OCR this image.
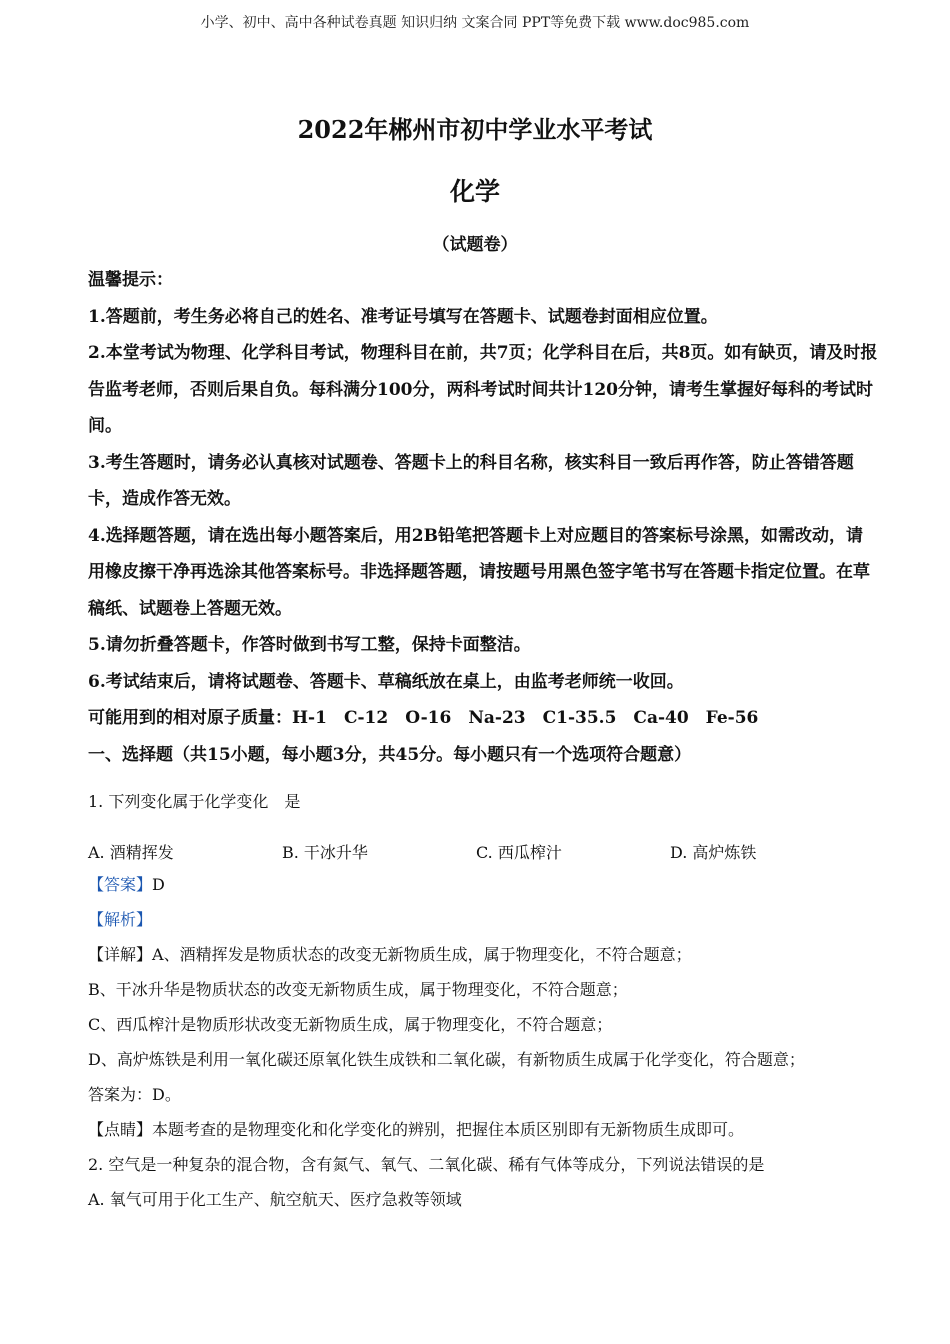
小学、初中、高中各种试卷真题 知识归纳 文案合同 PPT等免费下载 www.doc985.com
2022年郴州市初中学业水平考试
化学
（试题卷）

温馨提示：

1.答题前，考生务必将自己的姓名、准考证号填写在答题卡、试题卷封面相应位置。

2.本堂考试为物理、化学科目考试，物理科目在前，共7页；化学科目在后，共8页。如有缺页，请及时报告监考老师，否则后果自负。每科满分100分，两科考试时间共计120分钟，请考生掌握好每科的考试时间。

3.考生答题时，请务必认真核对试题卷、答题卡上的科目名称，核实科目一致后再作答，防止答错答题卡，造成作答无效。

4.选择题答题，请在选出每小题答案后，用2B铅笔把答题卡上对应题目的答案标号涂黑，如需改动，请用橡皮擦干净再选涂其他答案标号。非选择题答题，请按题号用黑色签字笔书写在答题卡指定位置。在草稿纸、试题卷上答题无效。

5.请勿折叠答题卡，作答时做到书写工整，保持卡面整洁。

6.考试结束后，请将试题卷、答题卡、草稿纸放在桌上，由监考老师统一收回。

可能用到的相对原子质量：H-1　C-12　O-16　Na-23　C1-35.5　Ca-40　Fe-56

一、选择题（共15小题，每小题3分，共45分。每小题只有一个选项符合题意）

1. 下列变化属于化学变化　是
A. 酒精挥发	B. 干冰升华	C. 西瓜榨汁	D. 高炉炼铁
【答案】D
【解析】
【详解】A、酒精挥发是物质状态的改变无新物质生成，属于物理变化，不符合题意；
B、干冰升华是物质状态的改变无新物质生成，属于物理变化，不符合题意；
C、西瓜榨汁是物质形状改变无新物质生成，属于物理变化，不符合题意；
D、高炉炼铁是利用一氧化碳还原氧化铁生成铁和二氧化碳，有新物质生成属于化学变化，符合题意；
答案为：D。
【点睛】本题考查的是物理变化和化学变化的辨别，把握住本质区别即有无新物质生成即可。
2. 空气是一种复杂的混合物，含有氮气、氧气、二氧化碳、稀有气体等成分，下列说法错误的是
A. 氧气可用于化工生产、航空航天、医疗急救等领域
